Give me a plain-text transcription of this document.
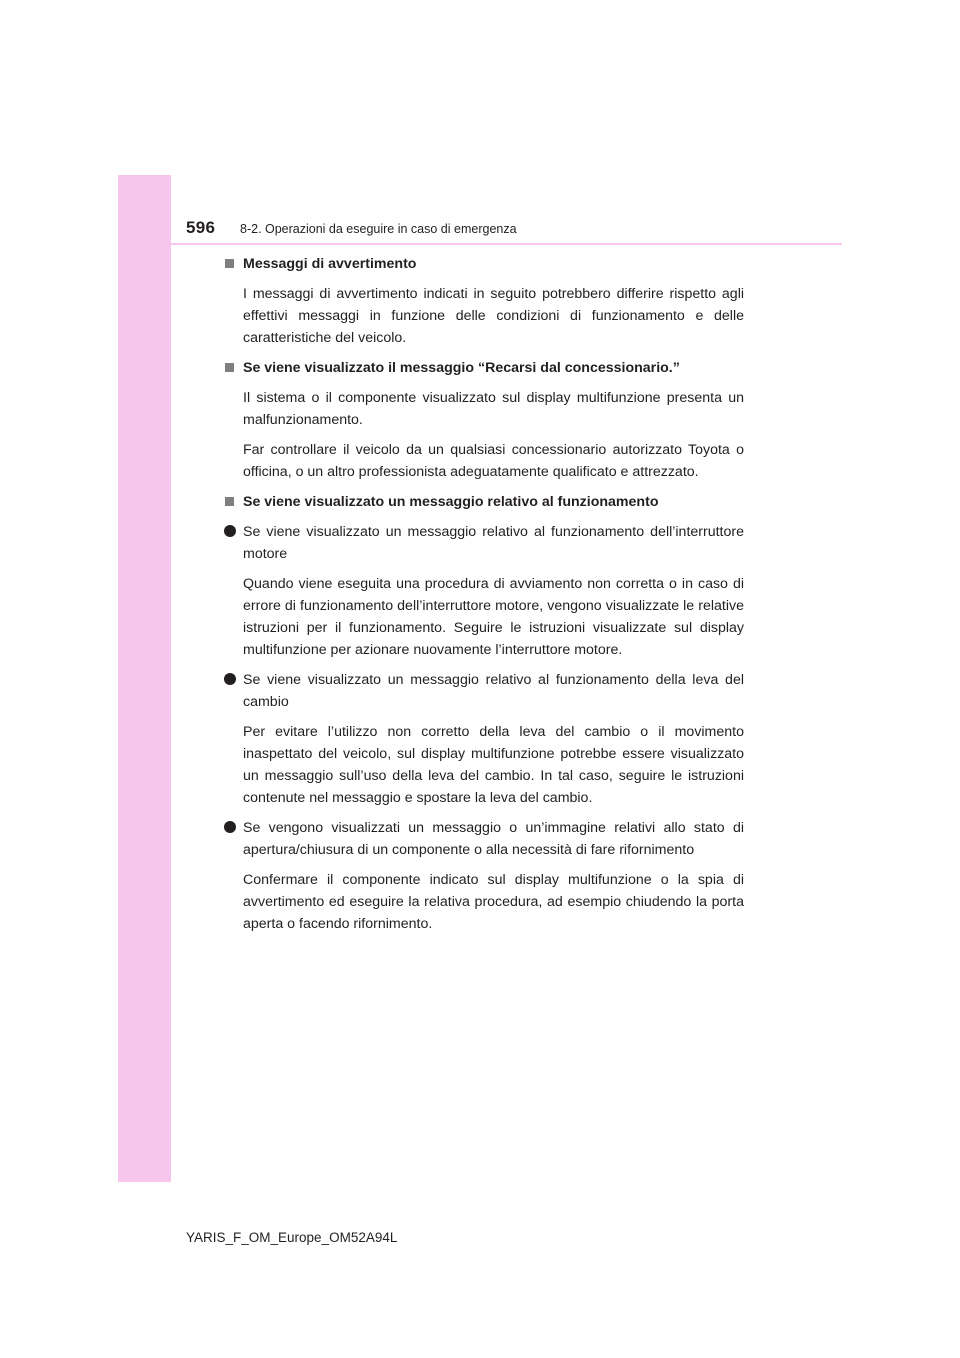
596 8-2. Operazioni da eseguire in caso di emergenza
Messaggi di avvertimento
I messaggi di avvertimento indicati in seguito potrebbero differire rispetto agli effettivi messaggi in funzione delle condizioni di funzionamento e delle caratteristiche del veicolo.
Se viene visualizzato il messaggio “Recarsi dal concessionario.”
Il sistema o il componente visualizzato sul display multifunzione presenta un malfunzionamento.
Far controllare il veicolo da un qualsiasi concessionario autorizzato Toyota o officina, o un altro professionista adeguatamente qualificato e attrezzato.
Se viene visualizzato un messaggio relativo al funzionamento
Se viene visualizzato un messaggio relativo al funzionamento dell’interruttore motore
Quando viene eseguita una procedura di avviamento non corretta o in caso di errore di funzionamento dell’interruttore motore, vengono visualizzate le relative istruzioni per il funzionamento. Seguire le istruzioni visualizzate sul display multifunzione per azionare nuovamente l’interruttore motore.
Se viene visualizzato un messaggio relativo al funzionamento della leva del cambio
Per evitare l’utilizzo non corretto della leva del cambio o il movimento inaspettato del veicolo, sul display multifunzione potrebbe essere visualizzato un messaggio sull’uso della leva del cambio. In tal caso, seguire le istruzioni contenute nel messaggio e spostare la leva del cambio.
Se vengono visualizzati un messaggio o un’immagine relativi allo stato di apertura/chiusura di un componente o alla necessità di fare rifornimento
Confermare il componente indicato sul display multifunzione o la spia di avvertimento ed eseguire la relativa procedura, ad esempio chiudendo la porta aperta o facendo rifornimento.
YARIS_F_OM_Europe_OM52A94L
